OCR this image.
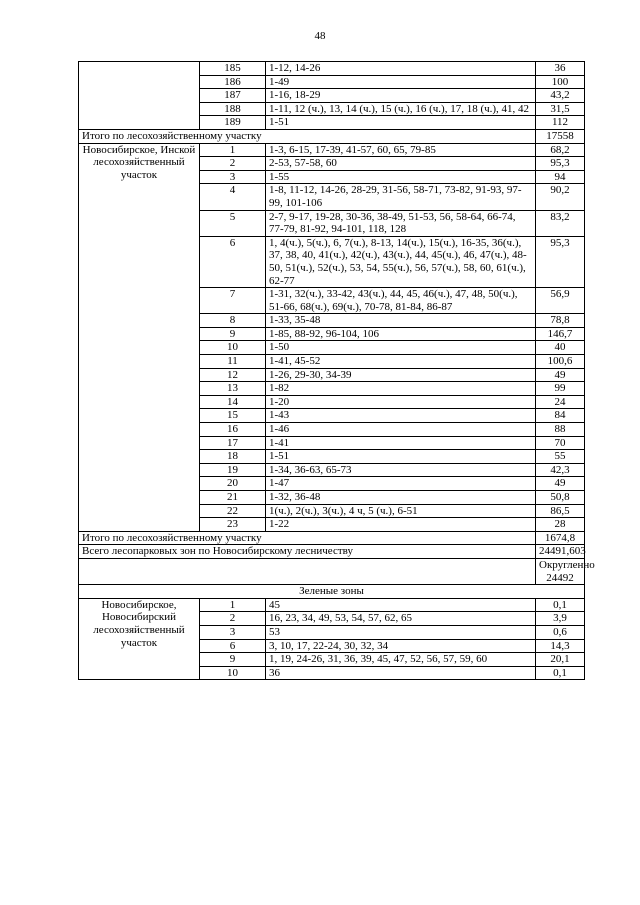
48
	185	1-12, 14-26	36
	186	1-49	100
	187	1-16, 18-29	43,2
	188	1-11, 12 (ч.), 13, 14 (ч.), 15 (ч.), 16 (ч.), 17, 18 (ч.), 41, 42	31,5
	189	1-51	112
Итого по лесохозяйственному участку			17558
Новосибирское, Инской лесохозяйственный участок	1	1-3, 6-15, 17-39, 41-57, 60, 65, 79-85	68,2
	2	2-53, 57-58, 60	95,3
	3	1-55	94
	4	1-8, 11-12, 14-26, 28-29, 31-56, 58-71, 73-82, 91-93, 97-99, 101-106	90,2
	5	2-7, 9-17, 19-28, 30-36, 38-49, 51-53, 56, 58-64, 66-74, 77-79, 81-92, 94-101, 118, 128	83,2
	6	1, 4(ч.), 5(ч.), 6, 7(ч.), 8-13, 14(ч.), 15(ч.), 16-35, 36(ч.), 37, 38, 40, 41(ч.), 42(ч.), 43(ч.), 44, 45(ч.), 46, 47(ч.), 48-50, 51(ч.), 52(ч.), 53, 54, 55(ч.), 56, 57(ч.), 58, 60, 61(ч.), 62-77	95,3
	7	1-31, 32(ч.), 33-42, 43(ч.), 44, 45, 46(ч.), 47, 48, 50(ч.), 51-66, 68(ч.), 69(ч.), 70-78, 81-84, 86-87	56,9
	8	1-33, 35-48	78,8
	9	1-85, 88-92, 96-104, 106	146,7
	10	1-50	40
	11	1-41, 45-52	100,6
	12	1-26, 29-30, 34-39	49
	13	1-82	99
	14	1-20	24
	15	1-43	84
	16	1-46	88
	17	1-41	70
	18	1-51	55
	19	1-34, 36-63, 65-73	42,3
	20	1-47	49
	21	1-32, 36-48	50,8
	22	1(ч.), 2(ч.), 3(ч.), 4 ч, 5 (ч.), 6-51	86,5
	23	1-22	28
Итого по лесохозяйственному участку			1674,8
Всего лесопарковых зон по Новосибирскому лесничеству			24491,603
			Округленно 24492
Зеленые зоны			
Новосибирское, Новосибирский лесохозяйственный участок	1	45	0,1
	2	16, 23, 34, 49, 53, 54, 57, 62, 65	3,9
	3	53	0,6
	6	3, 10, 17, 22-24, 30, 32, 34	14,3
	9	1, 19, 24-26, 31, 36, 39, 45, 47, 52, 56, 57, 59, 60	20,1
	10	36	0,1
